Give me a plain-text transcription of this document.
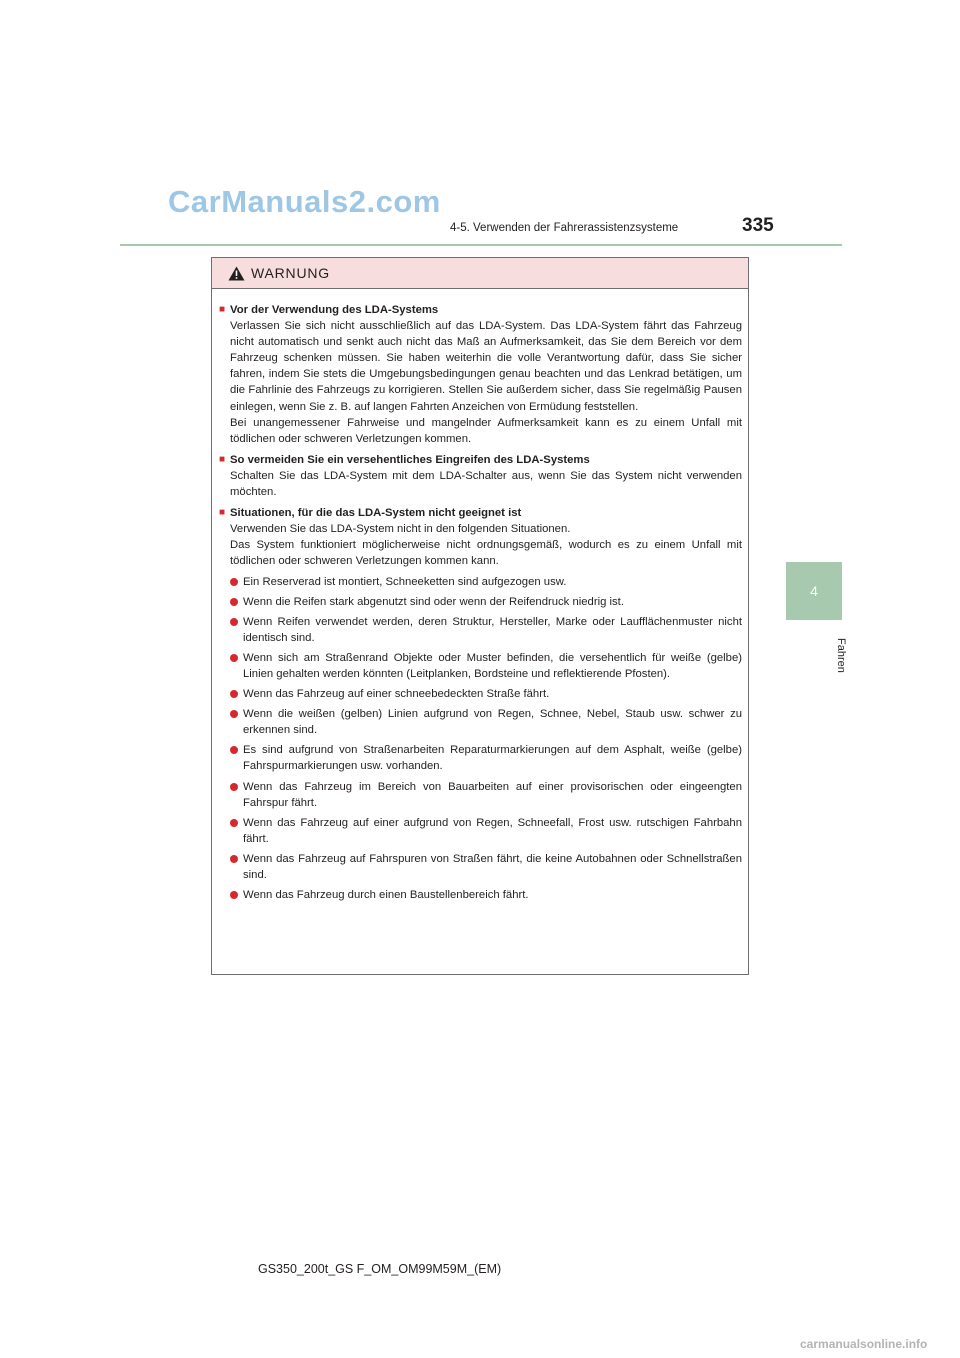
CarManuals2.com
4-5. Verwenden der Fahrerassistenzsysteme	335
4
Fahren
WARNUNG
■ Vor der Verwendung des LDA-Systems

Verlassen Sie sich nicht ausschließlich auf das LDA-System. Das LDA-System fährt das Fahrzeug nicht automatisch und senkt auch nicht das Maß an Aufmerksamkeit, das Sie dem Bereich vor dem Fahrzeug schenken müssen. Sie haben weiterhin die volle Verantwortung dafür, dass Sie sicher fahren, indem Sie stets die Umgebungsbedingungen genau beachten und das Lenkrad betätigen, um die Fahrlinie des Fahrzeugs zu korrigieren. Stellen Sie außerdem sicher, dass Sie regelmäßig Pausen einlegen, wenn Sie z. B. auf langen Fahrten Anzeichen von Ermüdung feststellen.

Bei unangemessener Fahrweise und mangelnder Aufmerksamkeit kann es zu einem Unfall mit tödlichen oder schweren Verletzungen kommen.

■ So vermeiden Sie ein versehentliches Eingreifen des LDA-Systems

Schalten Sie das LDA-System mit dem LDA-Schalter aus, wenn Sie das System nicht verwenden möchten.

■ Situationen, für die das LDA-System nicht geeignet ist

Verwenden Sie das LDA-System nicht in den folgenden Situationen.

Das System funktioniert möglicherweise nicht ordnungsgemäß, wodurch es zu einem Unfall mit tödlichen oder schweren Verletzungen kommen kann.

Ein Reserverad ist montiert, Schneeketten sind aufgezogen usw.
Wenn die Reifen stark abgenutzt sind oder wenn der Reifendruck niedrig ist.
Wenn Reifen verwendet werden, deren Struktur, Hersteller, Marke oder Laufflächenmuster nicht identisch sind.
Wenn sich am Straßenrand Objekte oder Muster befinden, die versehentlich für weiße (gelbe) Linien gehalten werden könnten (Leitplanken, Bordsteine und reflektierende Pfosten).
Wenn das Fahrzeug auf einer schneebedeckten Straße fährt.
Wenn die weißen (gelben) Linien aufgrund von Regen, Schnee, Nebel, Staub usw. schwer zu erkennen sind.
Es sind aufgrund von Straßenarbeiten Reparaturmarkierungen auf dem Asphalt, weiße (gelbe) Fahrspurmarkierungen usw. vorhanden.
Wenn das Fahrzeug im Bereich von Bauarbeiten auf einer provisorischen oder eingeengten Fahrspur fährt.
Wenn das Fahrzeug auf einer aufgrund von Regen, Schneefall, Frost usw. rutschigen Fahrbahn fährt.
Wenn das Fahrzeug auf Fahrspuren von Straßen fährt, die keine Autobahnen oder Schnellstraßen sind.
Wenn das Fahrzeug durch einen Baustellenbereich fährt.
GS350_200t_GS F_OM_OM99M59M_(EM)
carmanualsonline.info
